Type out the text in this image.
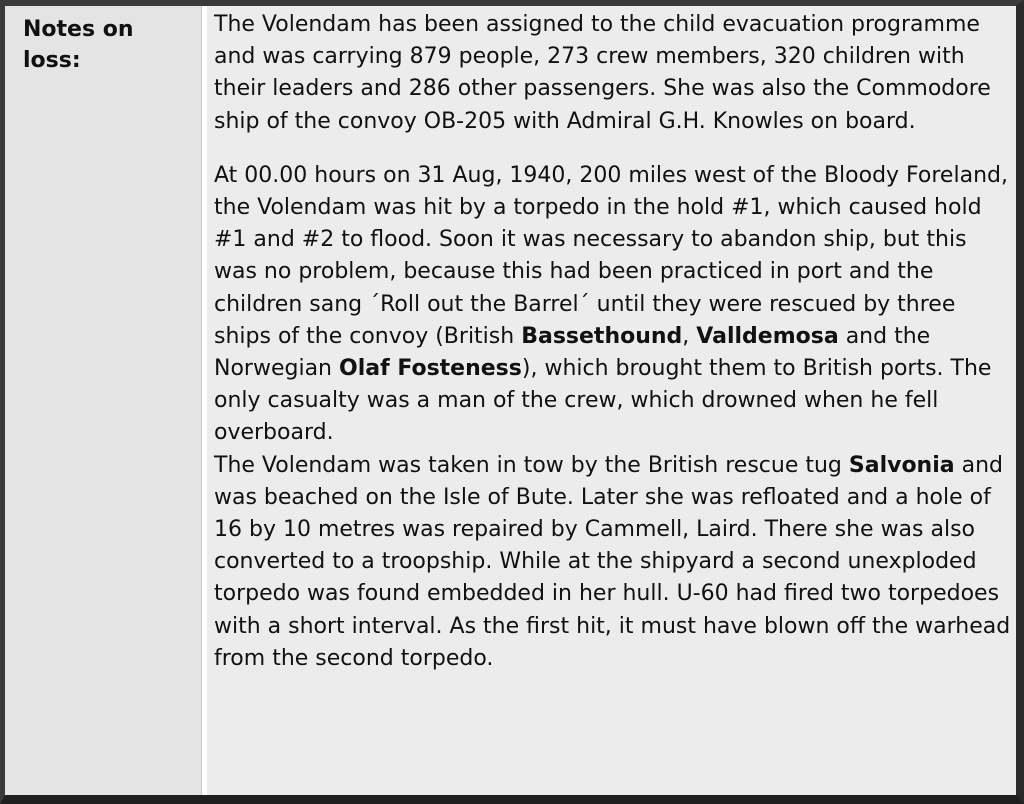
Notes on loss:

The Volendam has been assigned to the child evacuation programme and was carrying 879 people, 273 crew members, 320 children with their leaders and 286 other passengers. She was also the Commodore ship of the convoy OB-205 with Admiral G.H. Knowles on board.

At 00.00 hours on 31 Aug, 1940, 200 miles west of the Bloody Foreland, the Volendam was hit by a torpedo in the hold #1, which caused hold #1 and #2 to flood. Soon it was necessary to abandon ship, but this was no problem, because this had been practiced in port and the children sang ´Roll out the Barrel´ until they were rescued by three ships of the convoy (British Bassethound, Valldemosa and the Norwegian Olaf Fosteness), which brought them to British ports. The only casualty was a man of the crew, which drowned when he fell overboard.

The Volendam was taken in tow by the British rescue tug Salvonia and was beached on the Isle of Bute. Later she was refloated and a hole of 16 by 10 metres was repaired by Cammell, Laird. There she was also converted to a troopship. While at the shipyard a second unexploded torpedo was found embedded in her hull. U-60 had fired two torpedoes with a short interval. As the first hit, it must have blown off the warhead from the second torpedo.
